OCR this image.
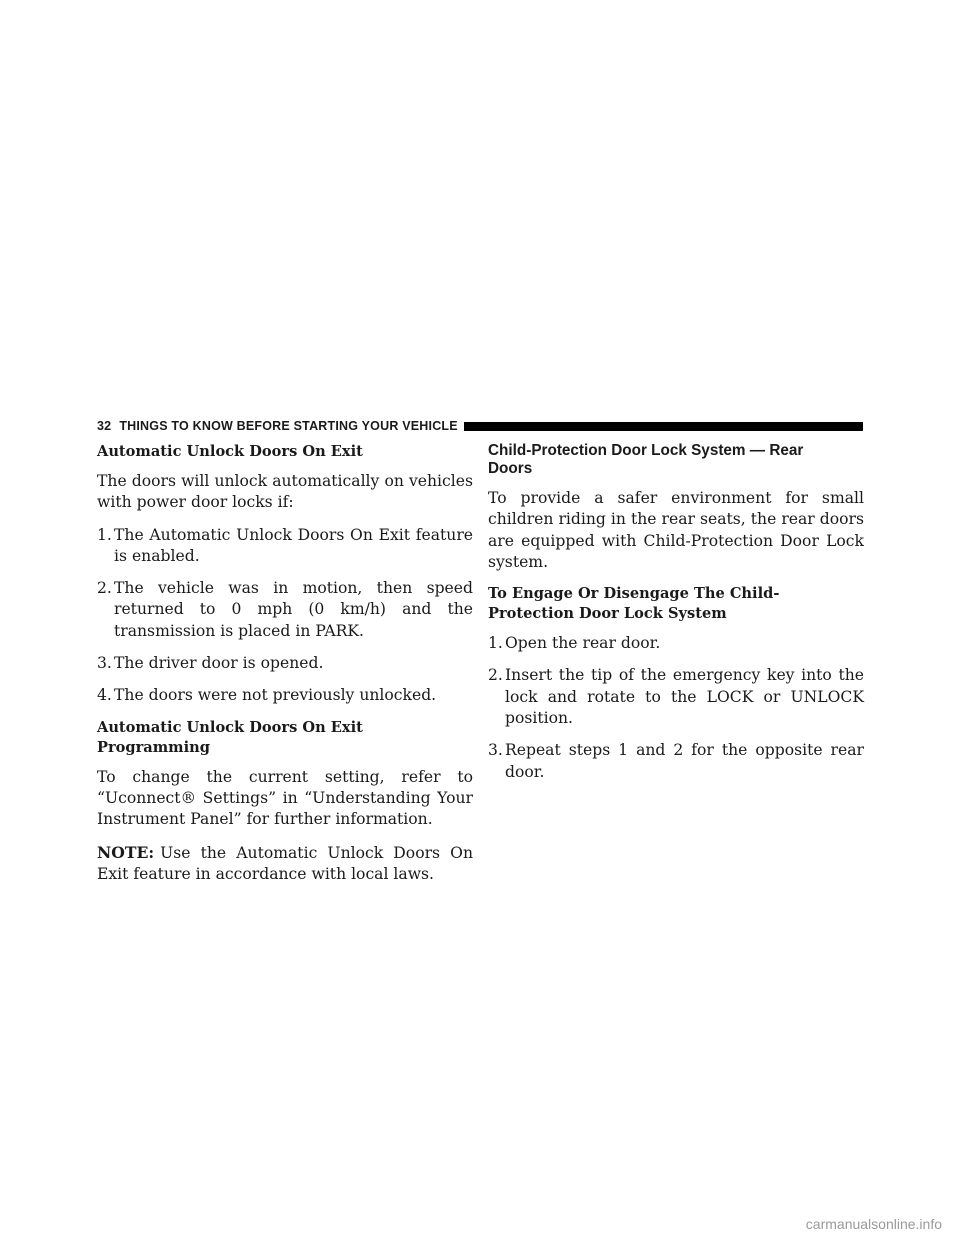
32 THINGS TO KNOW BEFORE STARTING YOUR VEHICLE

Automatic Unlock Doors On Exit

The doors will unlock automatically on vehicles with power door locks if:

1. The Automatic Unlock Doors On Exit feature is enabled.
2. The vehicle was in motion, then speed returned to 0 mph (0 km/h) and the transmission is placed in PARK.
3. The driver door is opened.
4. The doors were not previously unlocked.

Automatic Unlock Doors On Exit Programming

To change the current setting, refer to “Uconnect® Settings” in “Understanding Your Instrument Panel” for further information.

NOTE: Use the Automatic Unlock Doors On Exit feature in accordance with local laws.

Child-Protection Door Lock System — Rear Doors

To provide a safer environment for small children riding in the rear seats, the rear doors are equipped with Child-Protection Door Lock system.

To Engage Or Disengage The Child-Protection Door Lock System

1. Open the rear door.
2. Insert the tip of the emergency key into the lock and rotate to the LOCK or UNLOCK position.
3. Repeat steps 1 and 2 for the opposite rear door.
carmanualsonline.info
